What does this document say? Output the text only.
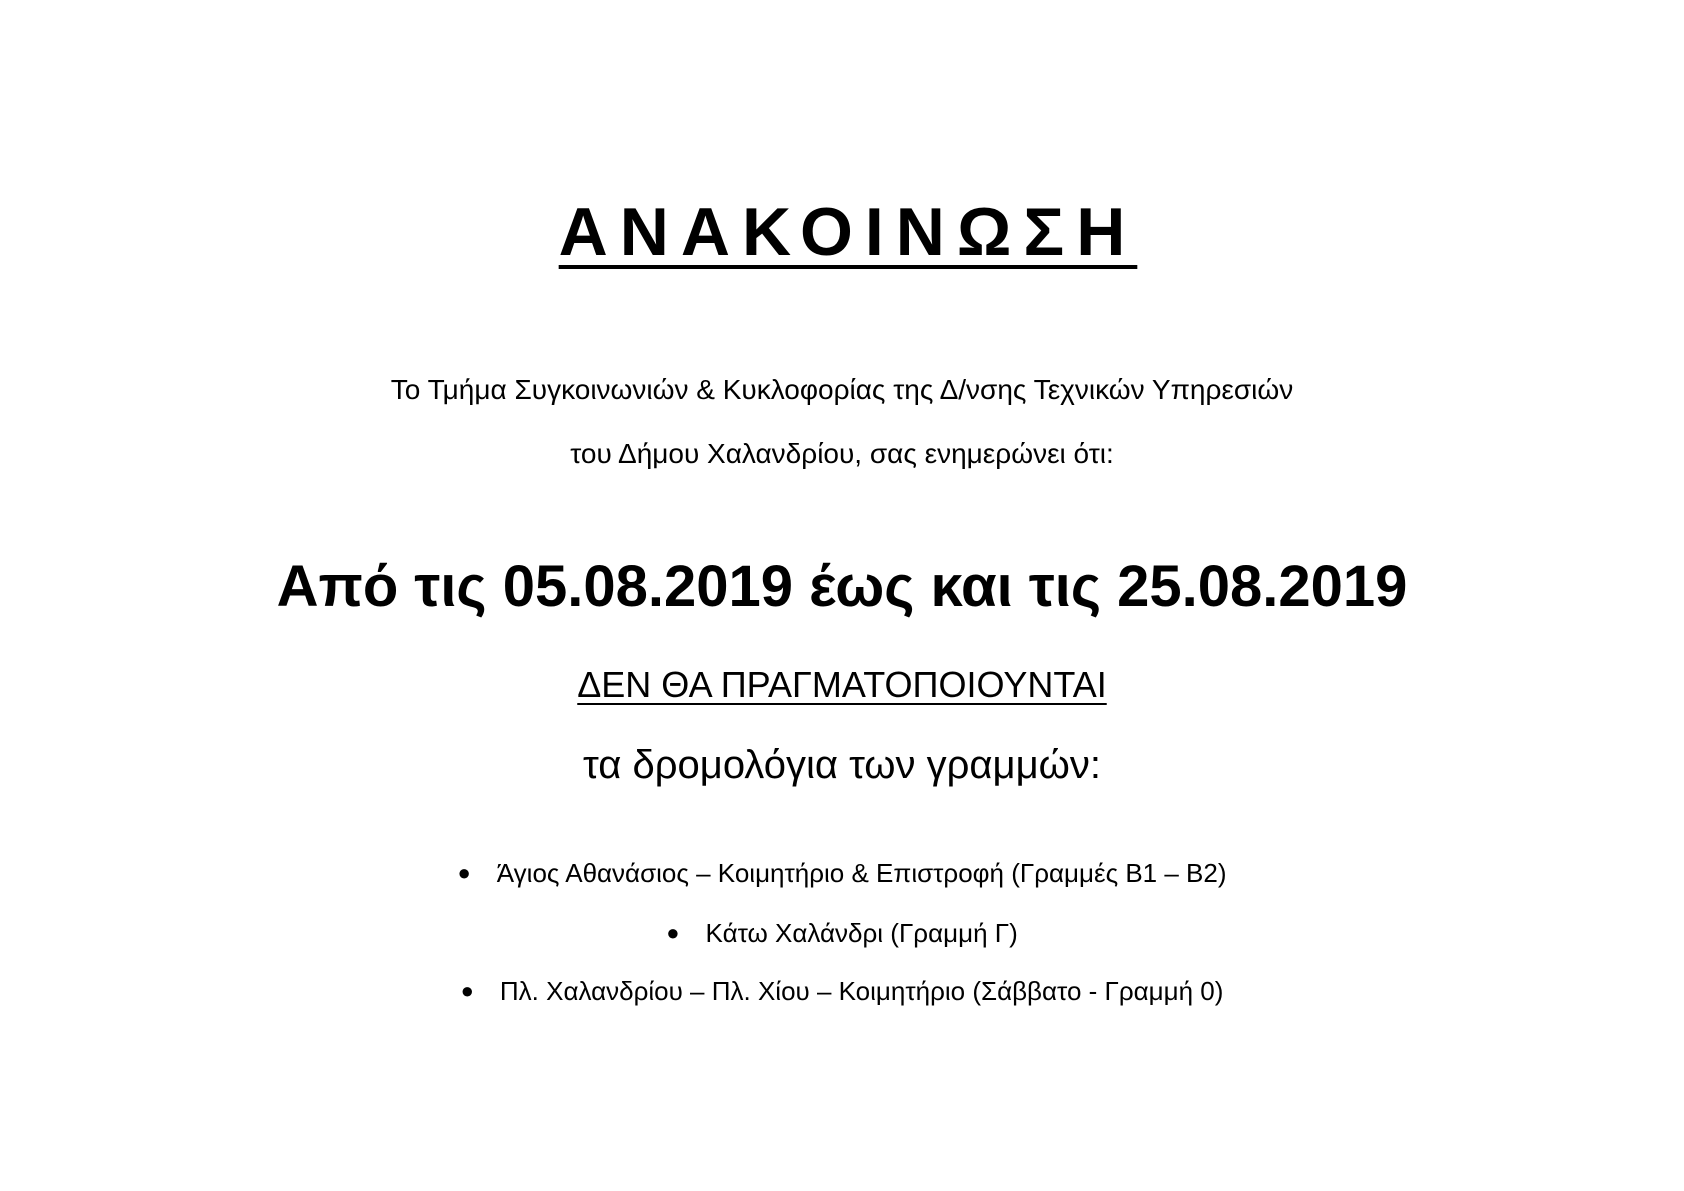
ΑΝΑΚΟΙΝΩΣΗ
Το Τμήμα Συγκοινωνιών & Κυκλοφορίας της Δ/νσης Τεχνικών Υπηρεσιών
του Δήμου Χαλανδρίου, σας ενημερώνει ότι:
Από τις 05.08.2019 έως και τις 25.08.2019
ΔΕΝ ΘΑ ΠΡΑΓΜΑΤΟΠΟΙΟΥΝΤΑΙ
τα δρομολόγια των γραμμών:
● Άγιος Αθανάσιος – Κοιμητήριο & Επιστροφή (Γραμμές Β1 – Β2)
● Κάτω Χαλάνδρι (Γραμμή Γ)
● Πλ. Χαλανδρίου – Πλ. Χίου – Κοιμητήριο (Σάββατο - Γραμμή 0)
